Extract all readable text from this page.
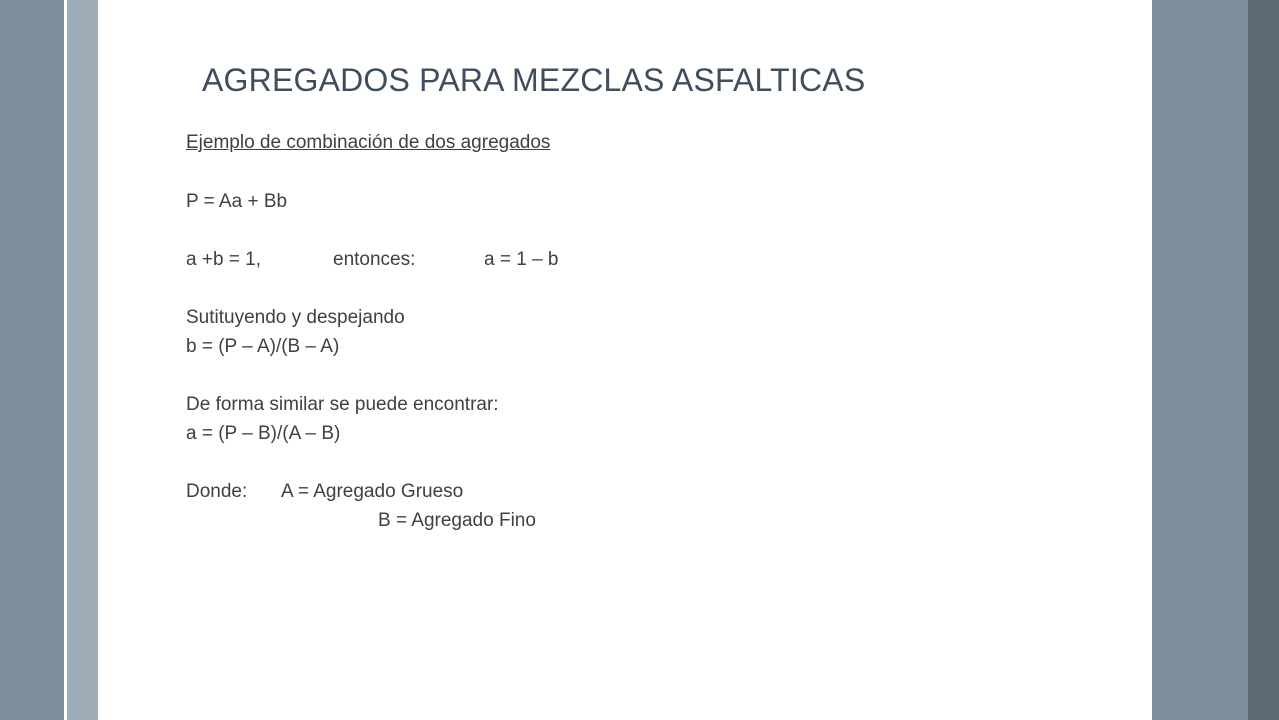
AGREGADOS PARA MEZCLAS ASFALTICAS
Ejemplo de combinación de dos agregados
P = Aa + Bb
a +b = 1,	entonces:	a = 1 – b
Sutituyendo y despejando
b = (P – A)/(B – A)
De forma similar se puede encontrar:
a = (P – B)/(A – B)
Donde: A = Agregado Grueso
B = Agregado Fino
